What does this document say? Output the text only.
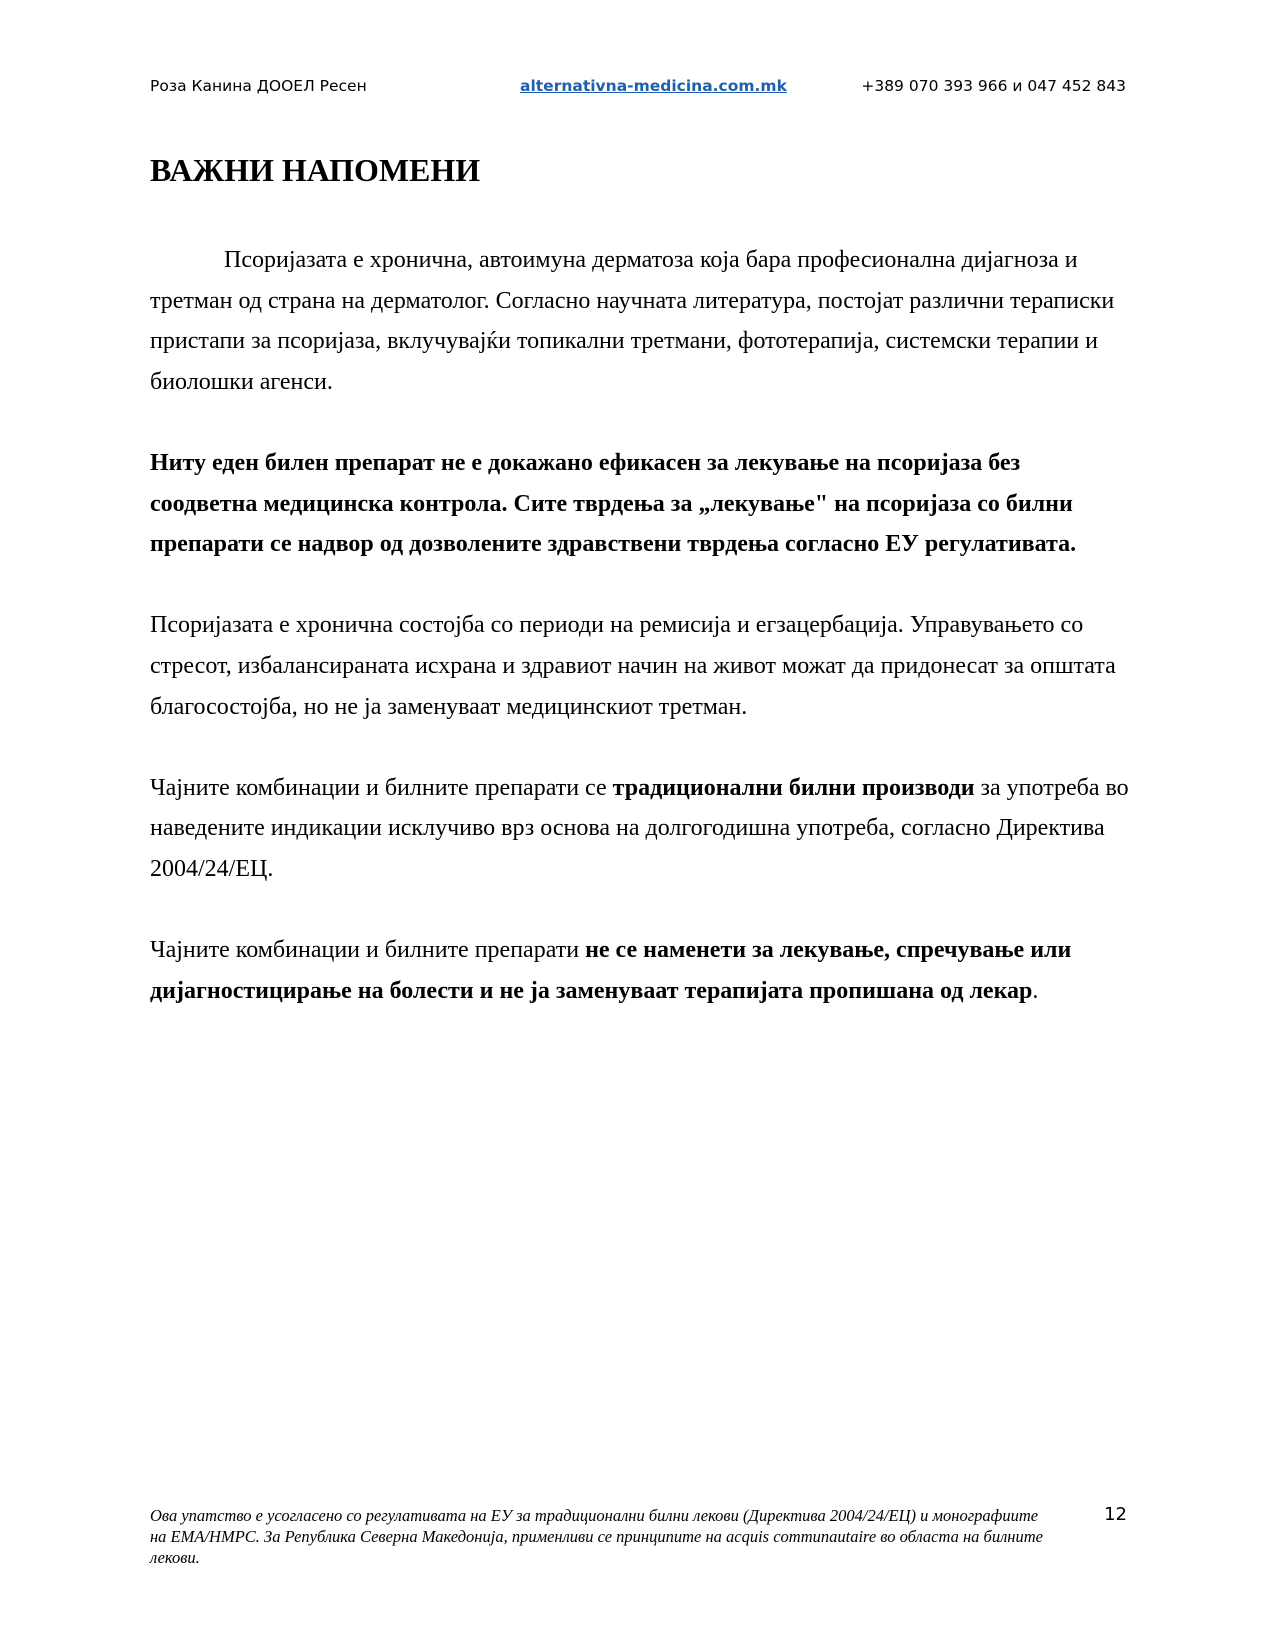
Роза Канина ДООЕЛ Ресен	alternativna-medicina.com.mk	+389 070 393 966 и 047 452 843
ВАЖНИ НАПОМЕНИ

Псоријазата е хронична, автоимуна дерматоза која бара професионална дијагноза и третман од страна на дерматолог. Согласно научната литература, постојат различни тераписки пристапи за псоријаза, вклучувајќи топикални третмани, фототерапија, системски терапии и биолошки агенси.

Ниту еден билен препарат не е докажано ефикасен за лекување на псоријаза без соодветна медицинска контрола. Сите тврдења за „лекување" на псоријаза со билни препарати се надвор од дозволените здравствени тврдења согласно ЕУ регулативата.

Псоријазата е хронична состојба со периоди на ремисија и егзацербација. Управувањето со стресот, избалансираната исхрана и здравиот начин на живот можат да придонесат за општата благосостојба, но не ја заменуваат медицинскиот третман.

Чајните комбинации и билните препарати се традиционални билни производи за употреба во наведените индикации исклучиво врз основа на долгогодишна употреба, согласно Директива 2004/24/ЕЦ.

Чајните комбинации и билните препарати не се наменети за лекување, спречување или дијагностицирање на болести и не ја заменуваат терапијата пропишана од лекар.

Ова упатство е усогласено со регулативата на ЕУ за традиционални билни лекови (Директива 2004/24/ЕЦ) и монографиите на ЕМА/HMPC. За Република Северна Македонија, применливи се принципите на acquis communautaire во областа на билните лекови.
12
